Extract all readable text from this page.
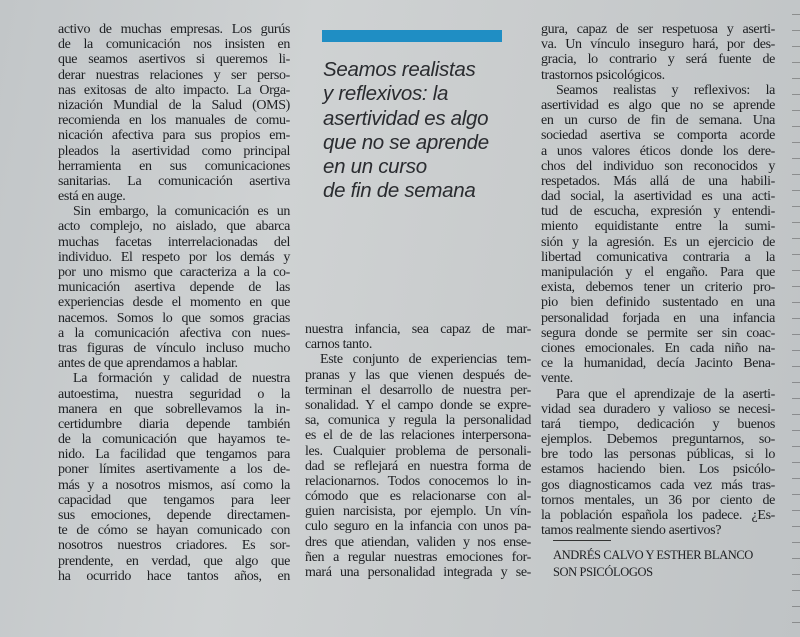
activo de muchas empresas. Los gurús
de la comunicación nos insisten en
que seamos asertivos si queremos li-
derar nuestras relaciones y ser perso-
nas exitosas de alto impacto. La Orga-
nización Mundial de la Salud (OMS)
recomienda en los manuales de comu-
nicación afectiva para sus propios em-
pleados la asertividad como principal
herramienta en sus comunicaciones
sanitarias. La comunicación asertiva
está en auge.
Sin embargo, la comunicación es un
acto complejo, no aislado, que abarca
muchas facetas interrelacionadas del
individuo. El respeto por los demás y
por uno mismo que caracteriza a la co-
municación asertiva depende de las
experiencias desde el momento en que
nacemos. Somos lo que somos gracias
a la comunicación afectiva con nues-
tras figuras de vínculo incluso mucho
antes de que aprendamos a hablar.
La formación y calidad de nuestra
autoestima, nuestra seguridad o la
manera en que sobrellevamos la in-
certidumbre diaria depende también
de la comunicación que hayamos te-
nido. La facilidad que tengamos para
poner límites asertivamente a los de-
más y a nosotros mismos, así como la
capacidad que tengamos para leer
sus emociones, depende directamen-
te de cómo se hayan comunicado con
nosotros nuestros criadores. Es sor-
prendente, en verdad, que algo que
ha ocurrido hace tantos años, en
nuestra infancia, sea capaz de mar-
carnos tanto.
Este conjunto de experiencias tem-
pranas y las que vienen después de-
terminan el desarrollo de nuestra per-
sonalidad. Y el campo donde se expre-
sa, comunica y regula la personalidad
es el de de las relaciones interpersona-
les. Cualquier problema de personali-
dad se reflejará en nuestra forma de
relacionarnos. Todos conocemos lo in-
cómodo que es relacionarse con al-
guien narcisista, por ejemplo. Un vín-
culo seguro en la infancia con unos pa-
dres que atiendan, validen y nos ense-
ñen a regular nuestras emociones for-
mará una personalidad integrada y se-
gura, capaz de ser respetuosa y aserti-
va. Un vínculo inseguro hará, por des-
gracia, lo contrario y será fuente de
trastornos psicológicos.
Seamos realistas y reflexivos: la
asertividad es algo que no se aprende
en un curso de fin de semana. Una
sociedad asertiva se comporta acorde
a unos valores éticos donde los dere-
chos del individuo son reconocidos y
respetados. Más allá de una habili-
dad social, la asertividad es una acti-
tud de escucha, expresión y entendi-
miento equidistante entre la sumi-
sión y la agresión. Es un ejercicio de
libertad comunicativa contraria a la
manipulación y el engaño. Para que
exista, debemos tener un criterio pro-
pio bien definido sustentado en una
personalidad forjada en una infancia
segura donde se permite ser sin coac-
ciones emocionales. En cada niño na-
ce la humanidad, decía Jacinto Bena-
vente.
Para que el aprendizaje de la aserti-
vidad sea duradero y valioso se necesi-
tará tiempo, dedicación y buenos
ejemplos. Debemos preguntarnos, so-
bre todo las personas públicas, si lo
estamos haciendo bien. Los psicólo-
gos diagnosticamos cada vez más tras-
tornos mentales, un 36 por ciento de
la población española los padece. ¿Es-
tamos realmente siendo asertivos?
Seamos realistas
y reflexivos: la
asertividad es algo
que no se aprende
en un curso
de fin de semana
ANDRÉS CALVO Y ESTHER BLANCO
SON PSICÓLOGOS
